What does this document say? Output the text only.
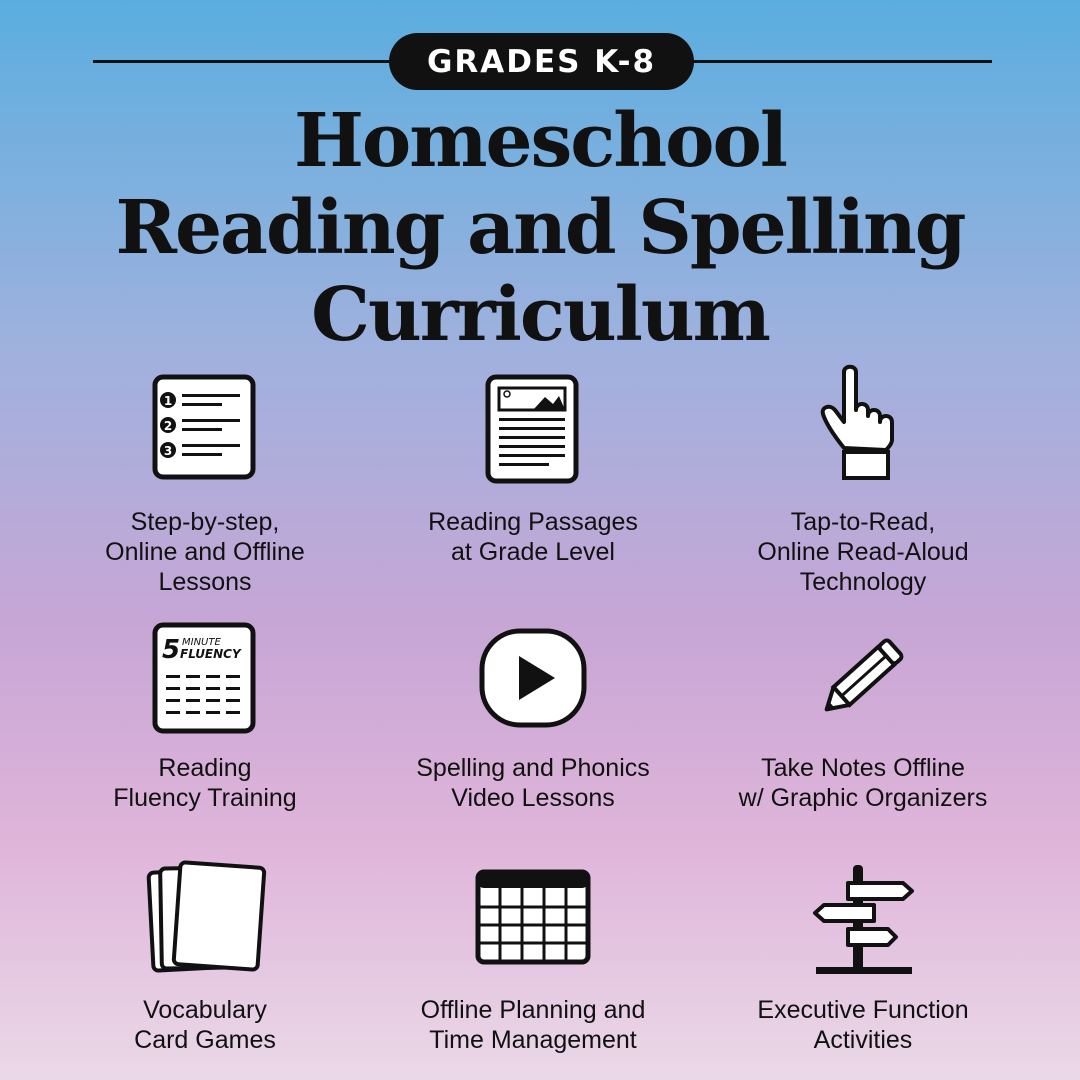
GRADES K-8
Homeschool
Reading and Spelling
Curriculum
1
2
3
Step-by-step,
Online and Offline
Lessons
Reading Passages
at Grade Level
Tap-to-Read,
Online Read-Aloud
Technology
5 MINUTE
FLUENCY
Reading
Fluency Training
Spelling and Phonics
Video Lessons
Take Notes Offline
w/ Graphic Organizers
Vocabulary
Card Games
Offline Planning and
Time Management
Executive Function
Activities
